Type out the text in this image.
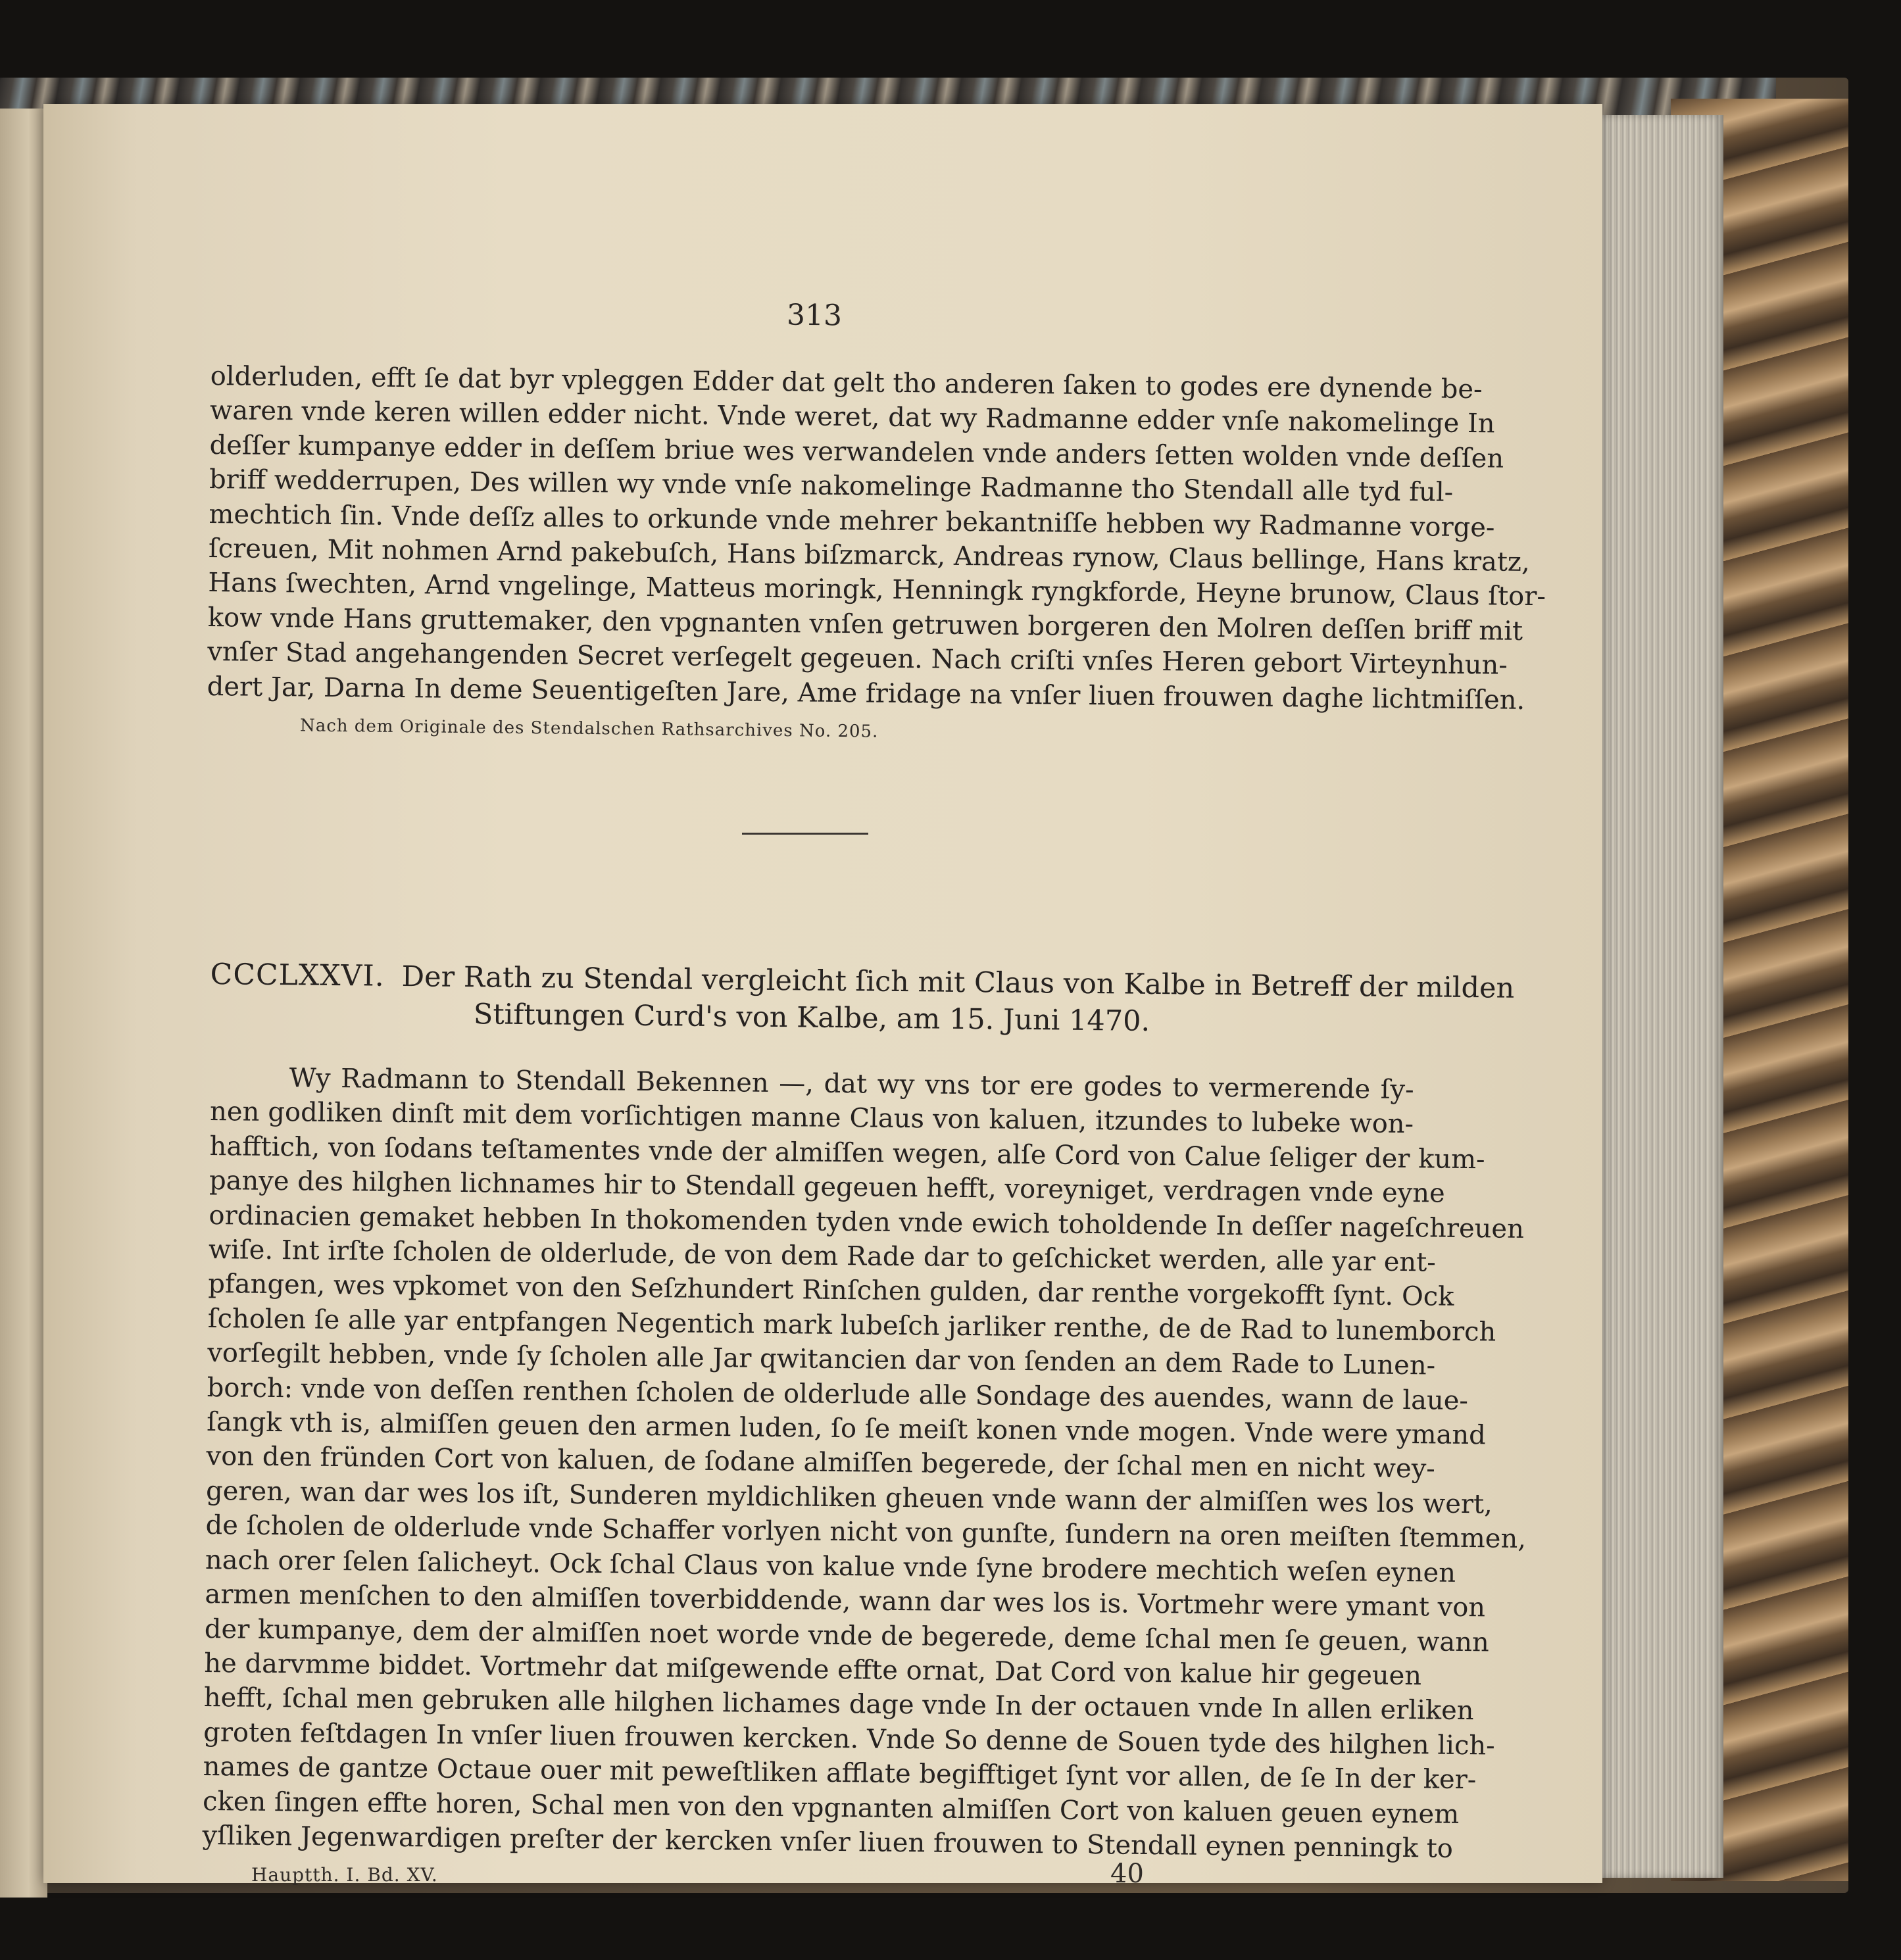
313
olderluden, efft ſe dat byr vpleggen Edder dat gelt tho anderen ſaken to godes ere dynende be-
waren vnde keren willen edder nicht. Vnde weret, dat wy Radmanne edder vnſe nakomelinge In
deſſer kumpanye edder in deſſem briue wes verwandelen vnde anders ſetten wolden vnde deſſen
briff wedderrupen, Des willen wy vnde vnſe nakomelinge Radmanne tho Stendall alle tyd ful-
mechtich ſin. Vnde deſſz alles to orkunde vnde mehrer bekantniſſe hebben wy Radmanne vorge-
ſcreuen, Mit nohmen Arnd pakebuſch, Hans biſzmarck, Andreas rynow, Claus bellinge, Hans kratz,
Hans ſwechten, Arnd vngelinge, Matteus moringk, Henningk ryngkforde, Heyne brunow, Claus ſtor-
kow vnde Hans gruttemaker, den vpgnanten vnſen getruwen borgeren den Molren deſſen briff mit
vnſer Stad angehangenden Secret verſegelt gegeuen. Nach criſti vnſes Heren gebort Virteynhun-
dert Jar, Darna In deme Seuentigeſten Jare, Ame fridage na vnſer liuen frouwen daghe lichtmiſſen.
Nach dem Originale des Stendalschen Rathsarchives No. 205.
CCCLXXVI. Der Rath zu Stendal vergleicht ſich mit Claus von Kalbe in Betreff der milden
Stiftungen Curd's von Kalbe, am 15. Juni 1470.
Wy Radmann to Stendall Bekennen —, dat wy vns tor ere godes to vermerende ſy-
nen godliken dinſt mit dem vorſichtigen manne Claus von kaluen, itzundes to lubeke won-
hafftich, von ſodans teſtamentes vnde der almiſſen wegen, alſe Cord von Calue ſeliger der kum-
panye des hilghen lichnames hir to Stendall gegeuen hefft, voreyniget, verdragen vnde eyne
ordinacien gemaket hebben In thokomenden tyden vnde ewich toholdende In deſſer nageſchreuen
wiſe. Int irſte ſcholen de olderlude, de von dem Rade dar to geſchicket werden, alle yar ent-
pfangen, wes vpkomet von den Seſzhundert Rinſchen gulden, dar renthe vorgekofft ſynt. Ock
ſcholen ſe alle yar entpfangen Negentich mark lubeſch jarliker renthe, de de Rad to lunemborch
vorſegilt hebben, vnde ſy ſcholen alle Jar qwitancien dar von ſenden an dem Rade to Lunen-
borch: vnde von deſſen renthen ſcholen de olderlude alle Sondage des auendes, wann de laue-
ſangk vth is, almiſſen geuen den armen luden, ſo ſe meiſt konen vnde mogen. Vnde were ymand
von den fründen Cort von kaluen, de ſodane almiſſen begerede, der ſchal men en nicht wey-
geren, wan dar wes los iſt, Sunderen myldichliken gheuen vnde wann der almiſſen wes los wert,
de ſcholen de olderlude vnde Schaffer vorlyen nicht von gunſte, ſundern na oren meiſten ſtemmen,
nach orer ſelen ſalicheyt. Ock ſchal Claus von kalue vnde ſyne brodere mechtich weſen eynen
armen menſchen to den almiſſen toverbiddende, wann dar wes los is. Vortmehr were ymant von
der kumpanye, dem der almiſſen noet worde vnde de begerede, deme ſchal men ſe geuen, wann
he darvmme biddet. Vortmehr dat miſgewende effte ornat, Dat Cord von kalue hir gegeuen
hefft, ſchal men gebruken alle hilghen lichames dage vnde In der octauen vnde In allen erliken
groten feſtdagen In vnſer liuen frouwen kercken. Vnde So denne de Souen tyde des hilghen lich-
names de gantze Octaue ouer mit peweſtliken afflate begifftiget ſynt vor allen, de ſe In der ker-
cken ſingen effte horen, Schal men von den vpgnanten almiſſen Cort von kaluen geuen eynem
yſliken Jegenwardigen preſter der kercken vnſer liuen frouwen to Stendall eynen penningk to
Hauptth. I. Bd. XV.	40
